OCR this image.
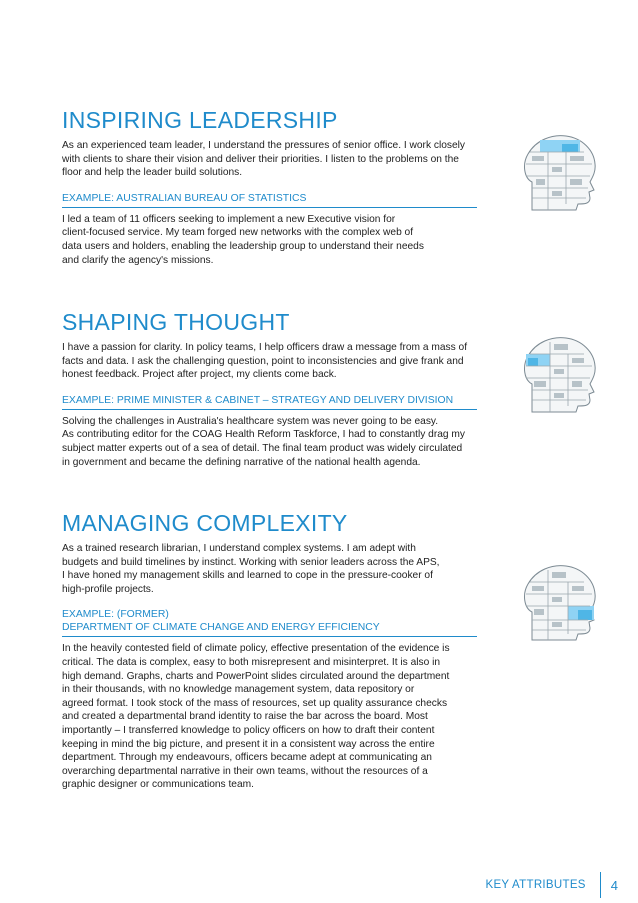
INSPIRING LEADERSHIP

As an experienced team leader, I understand the pressures of senior office. I work closely
with clients to share their vision and deliver their priorities. I listen to the problems on the
floor and help the leader build solutions.

EXAMPLE: AUSTRALIAN BUREAU OF STATISTICS

I led a team of 11 officers seeking to implement a new Executive vision for
client-focused service. My team forged new networks with the complex web of
data users and holders, enabling the leadership group to understand their needs
and clarify the agency's missions.

SHAPING THOUGHT

I have a passion for clarity. In policy teams, I help officers draw a message from a mass of
facts and data. I ask the challenging question, point to inconsistencies and give frank and
honest feedback. Project after project, my clients come back.

EXAMPLE: PRIME MINISTER & CABINET – STRATEGY AND DELIVERY DIVISION

Solving the challenges in Australia's healthcare system was never going to be easy.
As contributing editor for the COAG Health Reform Taskforce, I had to constantly drag my
subject matter experts out of a sea of detail. The final team product was widely circulated
in government and became the defining narrative of the national health agenda.

MANAGING COMPLEXITY

As a trained research librarian, I understand complex systems. I am adept with
budgets and build timelines by instinct. Working with senior leaders across the APS,
I have honed my management skills and learned to cope in the pressure-cooker of
high-profile projects.

EXAMPLE: (FORMER)
DEPARTMENT OF CLIMATE CHANGE AND ENERGY EFFICIENCY

In the heavily contested field of climate policy, effective presentation of the evidence is
critical. The data is complex, easy to both misrepresent and misinterpret. It is also in
high demand. Graphs, charts and PowerPoint slides circulated around the department
in their thousands, with no knowledge management system, data repository or
agreed format. I took stock of the mass of resources, set up quality assurance checks
and created a departmental brand identity to raise the bar across the board. Most
importantly – I transferred knowledge to policy officers on how to draft their content
keeping in mind the big picture, and present it in a consistent way across the entire
department. Through my endeavours, officers became adept at communicating an
overarching departmental narrative in their own teams, without the resources of a
graphic designer or communications team.

KEY ATTRIBUTES 4
